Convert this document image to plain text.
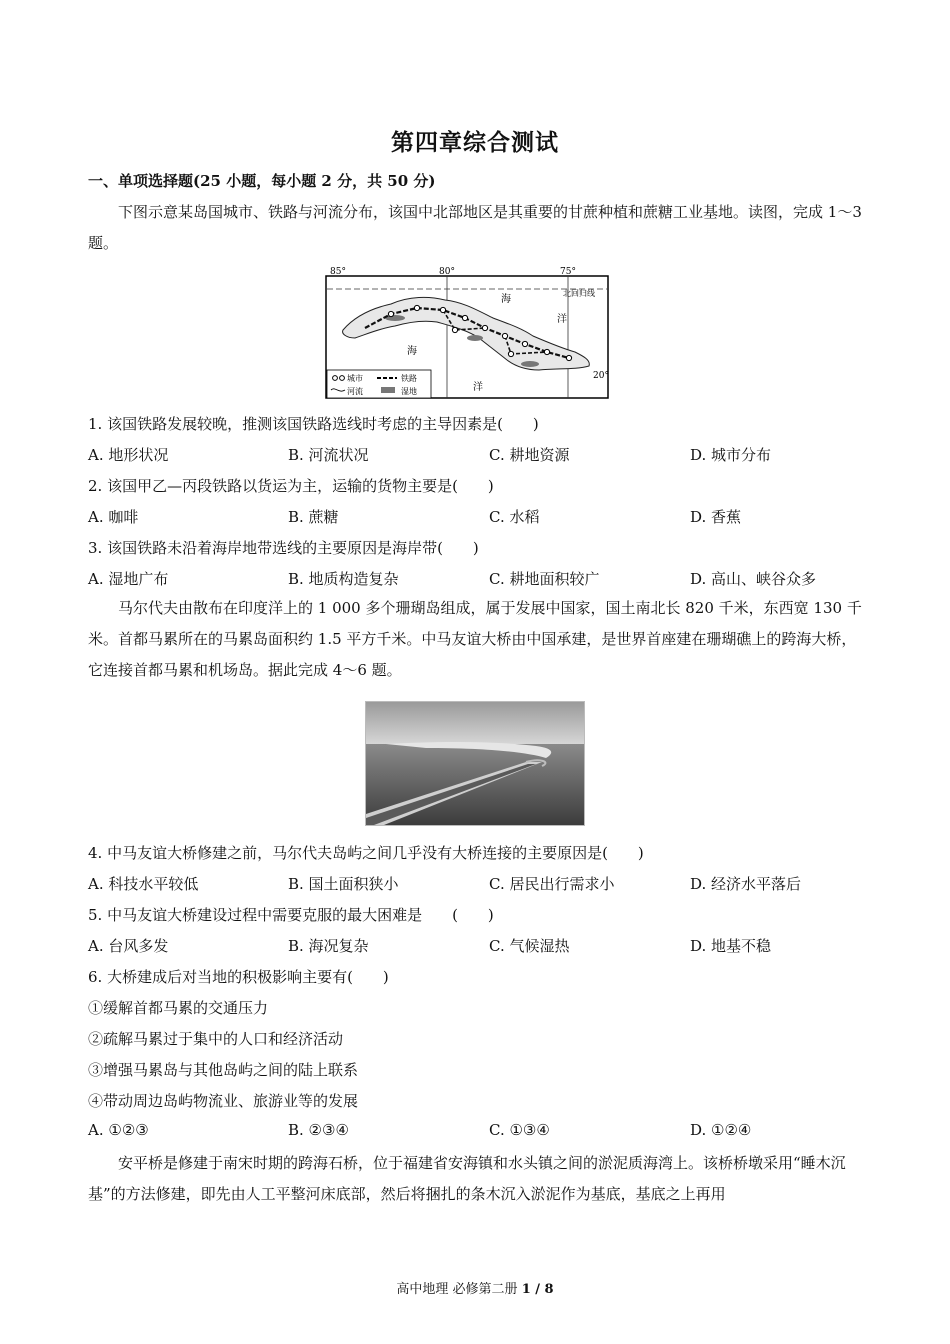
第四章综合测试
一、单项选择题(25 小题，每小题 2 分，共 50 分)
下图示意某岛国城市、铁路与河流分布，该国中北部地区是其重要的甘蔗种植和蔗糖工业基地。读图，完成 1～3 题。
85°	80°	75°
20°
北回归线
海
洋
海
洋
城市	铁路
河流	湿地
1. 该国铁路发展较晚，推测该国铁路选线时考虑的主导因素是(　　)
A. 地形状况	B. 河流状况	C. 耕地资源	D. 城市分布
2. 该国甲乙—丙段铁路以货运为主，运输的货物主要是(　　)
A. 咖啡	B. 蔗糖	C. 水稻	D. 香蕉
3. 该国铁路未沿着海岸地带选线的主要原因是海岸带(　　)
A. 湿地广布	B. 地质构造复杂	C. 耕地面积较广	D. 高山、峡谷众多
马尔代夫由散布在印度洋上的 1 000 多个珊瑚岛组成，属于发展中国家，国土南北长 820 千米，东西宽 130 千米。首都马累所在的马累岛面积约 1.5 平方千米。中马友谊大桥由中国承建，是世界首座建在珊瑚礁上的跨海大桥，它连接首都马累和机场岛。据此完成 4～6 题。
4. 中马友谊大桥修建之前，马尔代夫岛屿之间几乎没有大桥连接的主要原因是(　　)
A. 科技水平较低	B. 国土面积狭小	C. 居民出行需求小	D. 经济水平落后
5. 中马友谊大桥建设过程中需要克服的最大困难是　　(　　)
A. 台风多发	B. 海况复杂	C. 气候湿热	D. 地基不稳
6. 大桥建成后对当地的积极影响主要有(　　)
①缓解首都马累的交通压力
②疏解马累过于集中的人口和经济活动
③增强马累岛与其他岛屿之间的陆上联系
④带动周边岛屿物流业、旅游业等的发展
A. ①②③	B. ②③④	C. ①③④	D. ①②④
安平桥是修建于南宋时期的跨海石桥，位于福建省安海镇和水头镇之间的淤泥质海湾上。该桥桥墩采用“睡木沉基”的方法修建，即先由人工平整河床底部，然后将捆扎的条木沉入淤泥作为基底，基底之上再用
高中地理 必修第二册 1 / 8
